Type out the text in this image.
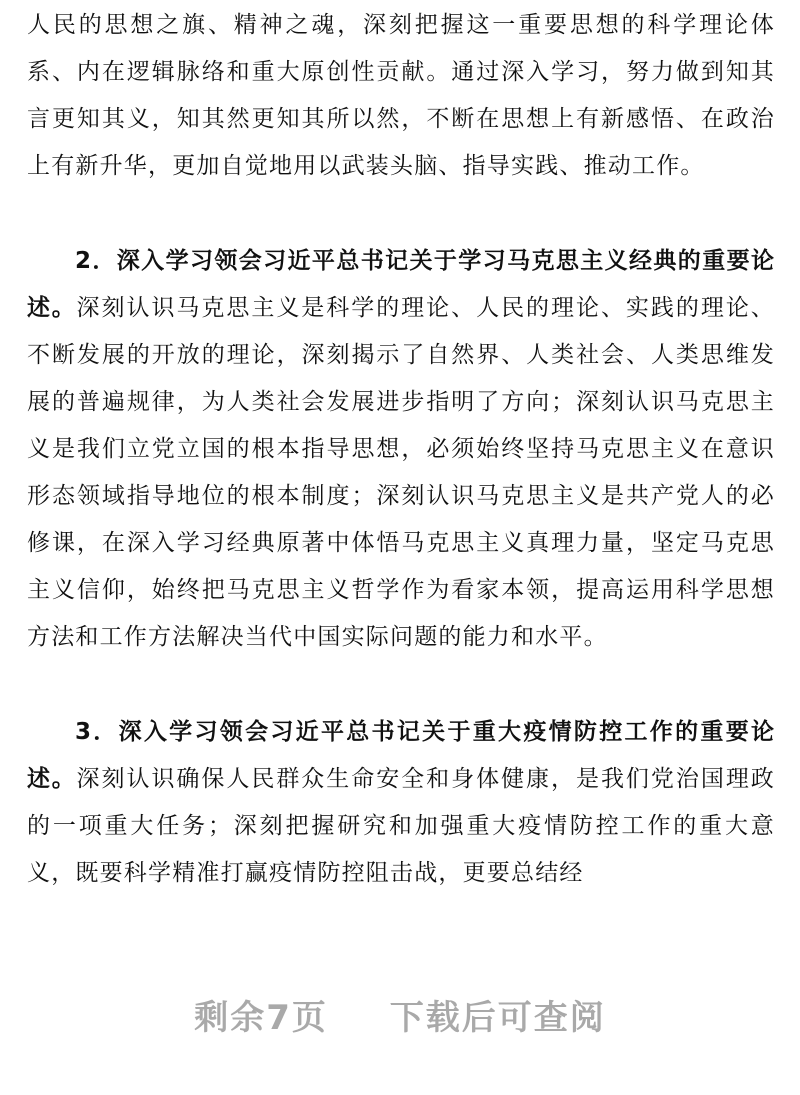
人民的思想之旗、精神之魂，深刻把握这一重要思想的科学理论体系、内在逻辑脉络和重大原创性贡献。通过深入学习，努力做到知其言更知其义，知其然更知其所以然，不断在思想上有新感悟、在政治上有新升华，更加自觉地用以武装头脑、指导实践、推动工作。

2．深入学习领会习近平总书记关于学习马克思主义经典的重要论述。深刻认识马克思主义是科学的理论、人民的理论、实践的理论、不断发展的开放的理论，深刻揭示了自然界、人类社会、人类思维发展的普遍规律，为人类社会发展进步指明了方向；深刻认识马克思主义是我们立党立国的根本指导思想，必须始终坚持马克思主义在意识形态领域指导地位的根本制度；深刻认识马克思主义是共产党人的必修课，在深入学习经典原著中体悟马克思主义真理力量，坚定马克思主义信仰，始终把马克思主义哲学作为看家本领，提高运用科学思想方法和工作方法解决当代中国实际问题的能力和水平。

3．深入学习领会习近平总书记关于重大疫情防控工作的重要论述。深刻认识确保人民群众生命安全和身体健康，是我们党治国理政的一项重大任务；深刻把握研究和加强重大疫情防控工作的重大意义，既要科学精准打赢疫情防控阻击战，更要总结经

剩余7页 下载后可查阅
